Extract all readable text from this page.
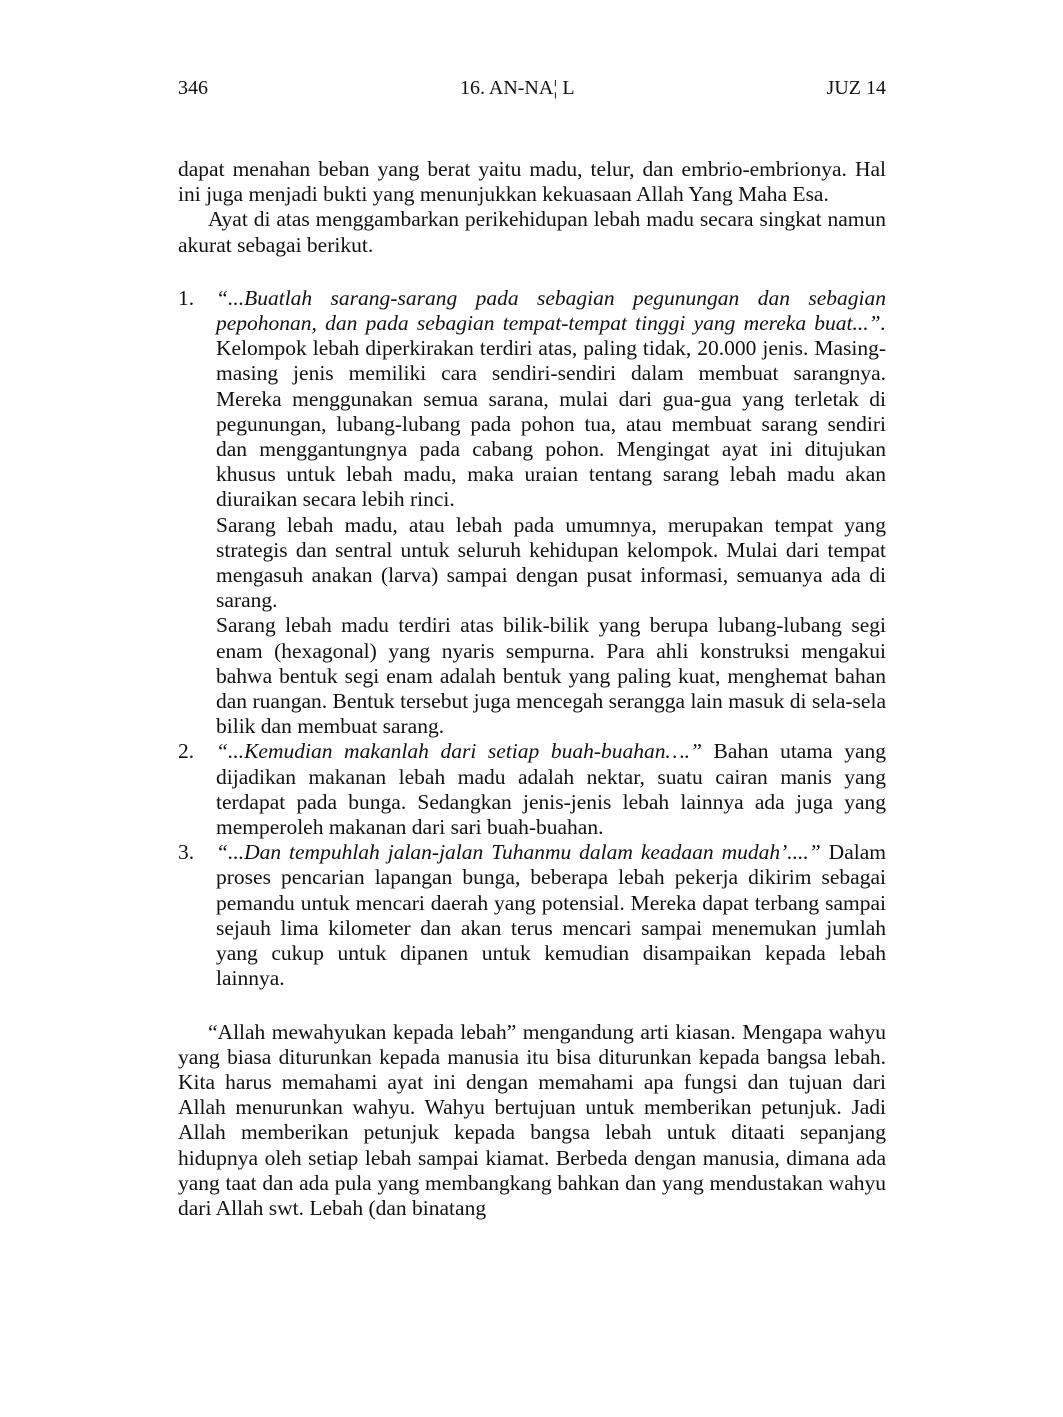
346	16. AN-NA¦ L	JUZ 14

dapat menahan beban yang berat yaitu madu, telur, dan embrio-embrionya. Hal ini juga menjadi bukti yang menunjukkan kekuasaan Allah Yang Maha Esa.

Ayat di atas menggambarkan perikehidupan lebah madu secara singkat namun akurat sebagai berikut.

1. “...Buatlah sarang-sarang pada sebagian pegunungan dan sebagian pepohonan, dan pada sebagian tempat-tempat tinggi yang mereka buat...”. Kelompok lebah diperkirakan terdiri atas, paling tidak, 20.000 jenis. Masing-masing jenis memiliki cara sendiri-sendiri dalam membuat sarangnya. Mereka menggunakan semua sarana, mulai dari gua-gua yang terletak di pegunungan, lubang-lubang pada pohon tua, atau membuat sarang sendiri dan menggantungnya pada cabang pohon. Mengingat ayat ini ditujukan khusus untuk lebah madu, maka uraian tentang sarang lebah madu akan diuraikan secara lebih rinci.

Sarang lebah madu, atau lebah pada umumnya, merupakan tempat yang strategis dan sentral untuk seluruh kehidupan kelompok. Mulai dari tempat mengasuh anakan (larva) sampai dengan pusat informasi, semuanya ada di sarang.

Sarang lebah madu terdiri atas bilik-bilik yang berupa lubang-lubang segi enam (hexagonal) yang nyaris sempurna. Para ahli konstruksi mengakui bahwa bentuk segi enam adalah bentuk yang paling kuat, menghemat bahan dan ruangan. Bentuk tersebut juga mencegah serangga lain masuk di sela-sela bilik dan membuat sarang.

2. “...Kemudian makanlah dari setiap buah-buahan….” Bahan utama yang dijadikan makanan lebah madu adalah nektar, suatu cairan manis yang terdapat pada bunga. Sedangkan jenis-jenis lebah lainnya ada juga yang memperoleh makanan dari sari buah-buahan.

3. “...Dan tempuhlah jalan-jalan Tuhanmu dalam keadaan mudah’....” Dalam proses pencarian lapangan bunga, beberapa lebah pekerja dikirim sebagai pemandu untuk mencari daerah yang potensial. Mereka dapat terbang sampai sejauh lima kilometer dan akan terus mencari sampai menemukan jumlah yang cukup untuk dipanen untuk kemudian disampaikan kepada lebah lainnya.

“Allah mewahyukan kepada lebah” mengandung arti kiasan. Mengapa wahyu yang biasa diturunkan kepada manusia itu bisa diturunkan kepada bangsa lebah. Kita harus memahami ayat ini dengan memahami apa fungsi dan tujuan dari Allah menurunkan wahyu. Wahyu bertujuan untuk memberikan petunjuk. Jadi Allah memberikan petunjuk kepada bangsa lebah untuk ditaati sepanjang hidupnya oleh setiap lebah sampai kiamat. Berbeda dengan manusia, dimana ada yang taat dan ada pula yang membangkang bahkan dan yang mendustakan wahyu dari Allah swt. Lebah (dan binatang
